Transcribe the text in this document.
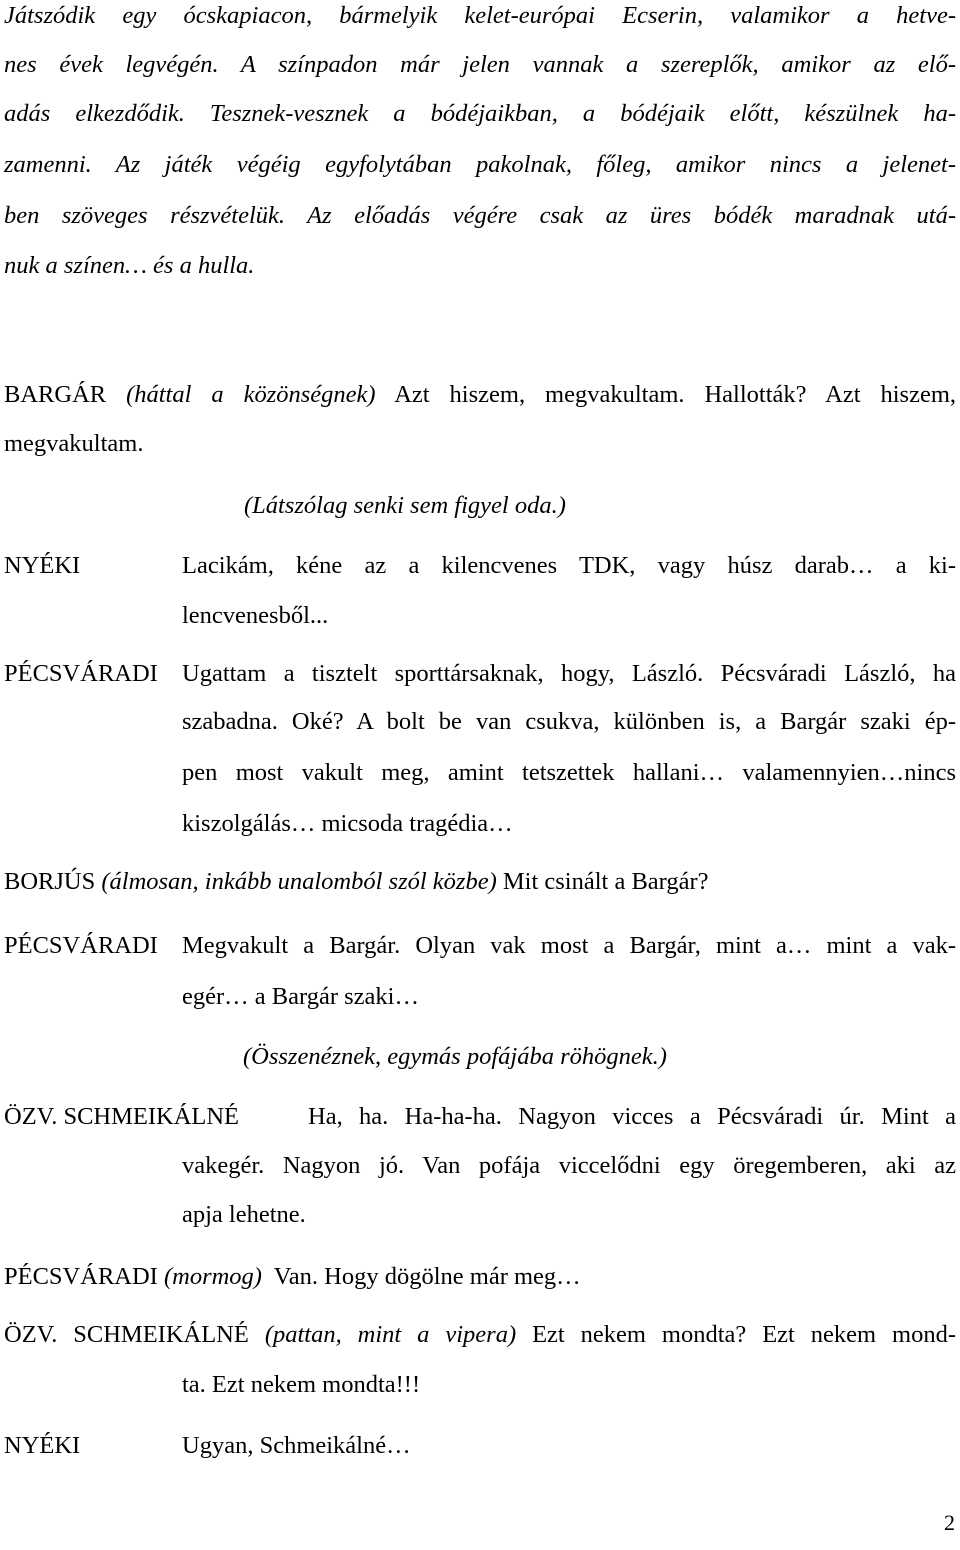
Játszódik egy ócskapiacon, bármelyik kelet-európai Ecserin, valamikor a hetve-
nes évek legvégén. A színpadon már jelen vannak a szereplők, amikor az elő-
adás elkezdődik. Tesznek-vesznek a bódéjaikban, a bódéjaik előtt, készülnek ha-
zamenni. Az játék végéig egyfolytában pakolnak, főleg, amikor nincs a jelenet-
ben szöveges részvételük. Az előadás végére csak az üres bódék maradnak utá-
nuk a színen… és a hulla.
BARGÁR (háttal a közönségnek) Azt hiszem, megvakultam. Hallották? Azt hiszem,
megvakultam.
(Látszólag senki sem figyel oda.)
NYÉKI	Lacikám, kéne az a kilencvenes TDK, vagy húsz darab… a ki-
lencvenesből...
PÉCSVÁRADI Ugattam a tisztelt sporttársaknak, hogy, László. Pécsváradi László, ha
szabadna. Oké? A bolt be van csukva, különben is, a Bargár szaki ép-
pen most vakult meg, amint tetszettek hallani… valamennyien…nincs
kiszolgálás… micsoda tragédia…
BORJÚS (álmosan, inkább unalomból szól közbe) Mit csinált a Bargár?
PÉCSVÁRADI Megvakult a Bargár. Olyan vak most a Bargár, mint a… mint a vak-
egér… a Bargár szaki…
(Összenéznek, egymás pofájába röhögnek.)
ÖZV. SCHMEIKÁLNÉ	Ha, ha. Ha-ha-ha. Nagyon vicces a Pécsváradi úr. Mint a
vakegér. Nagyon jó. Van pofája viccelődni egy öregemberen, aki az
apja lehetne.
PÉCSVÁRADI (mormog) Van. Hogy dögölne már meg…
ÖZV. SCHMEIKÁLNÉ (pattan, mint a vipera) Ezt nekem mondta? Ezt nekem mond-
ta. Ezt nekem mondta!!!
NYÉKI	Ugyan, Schmeikálné…
2
